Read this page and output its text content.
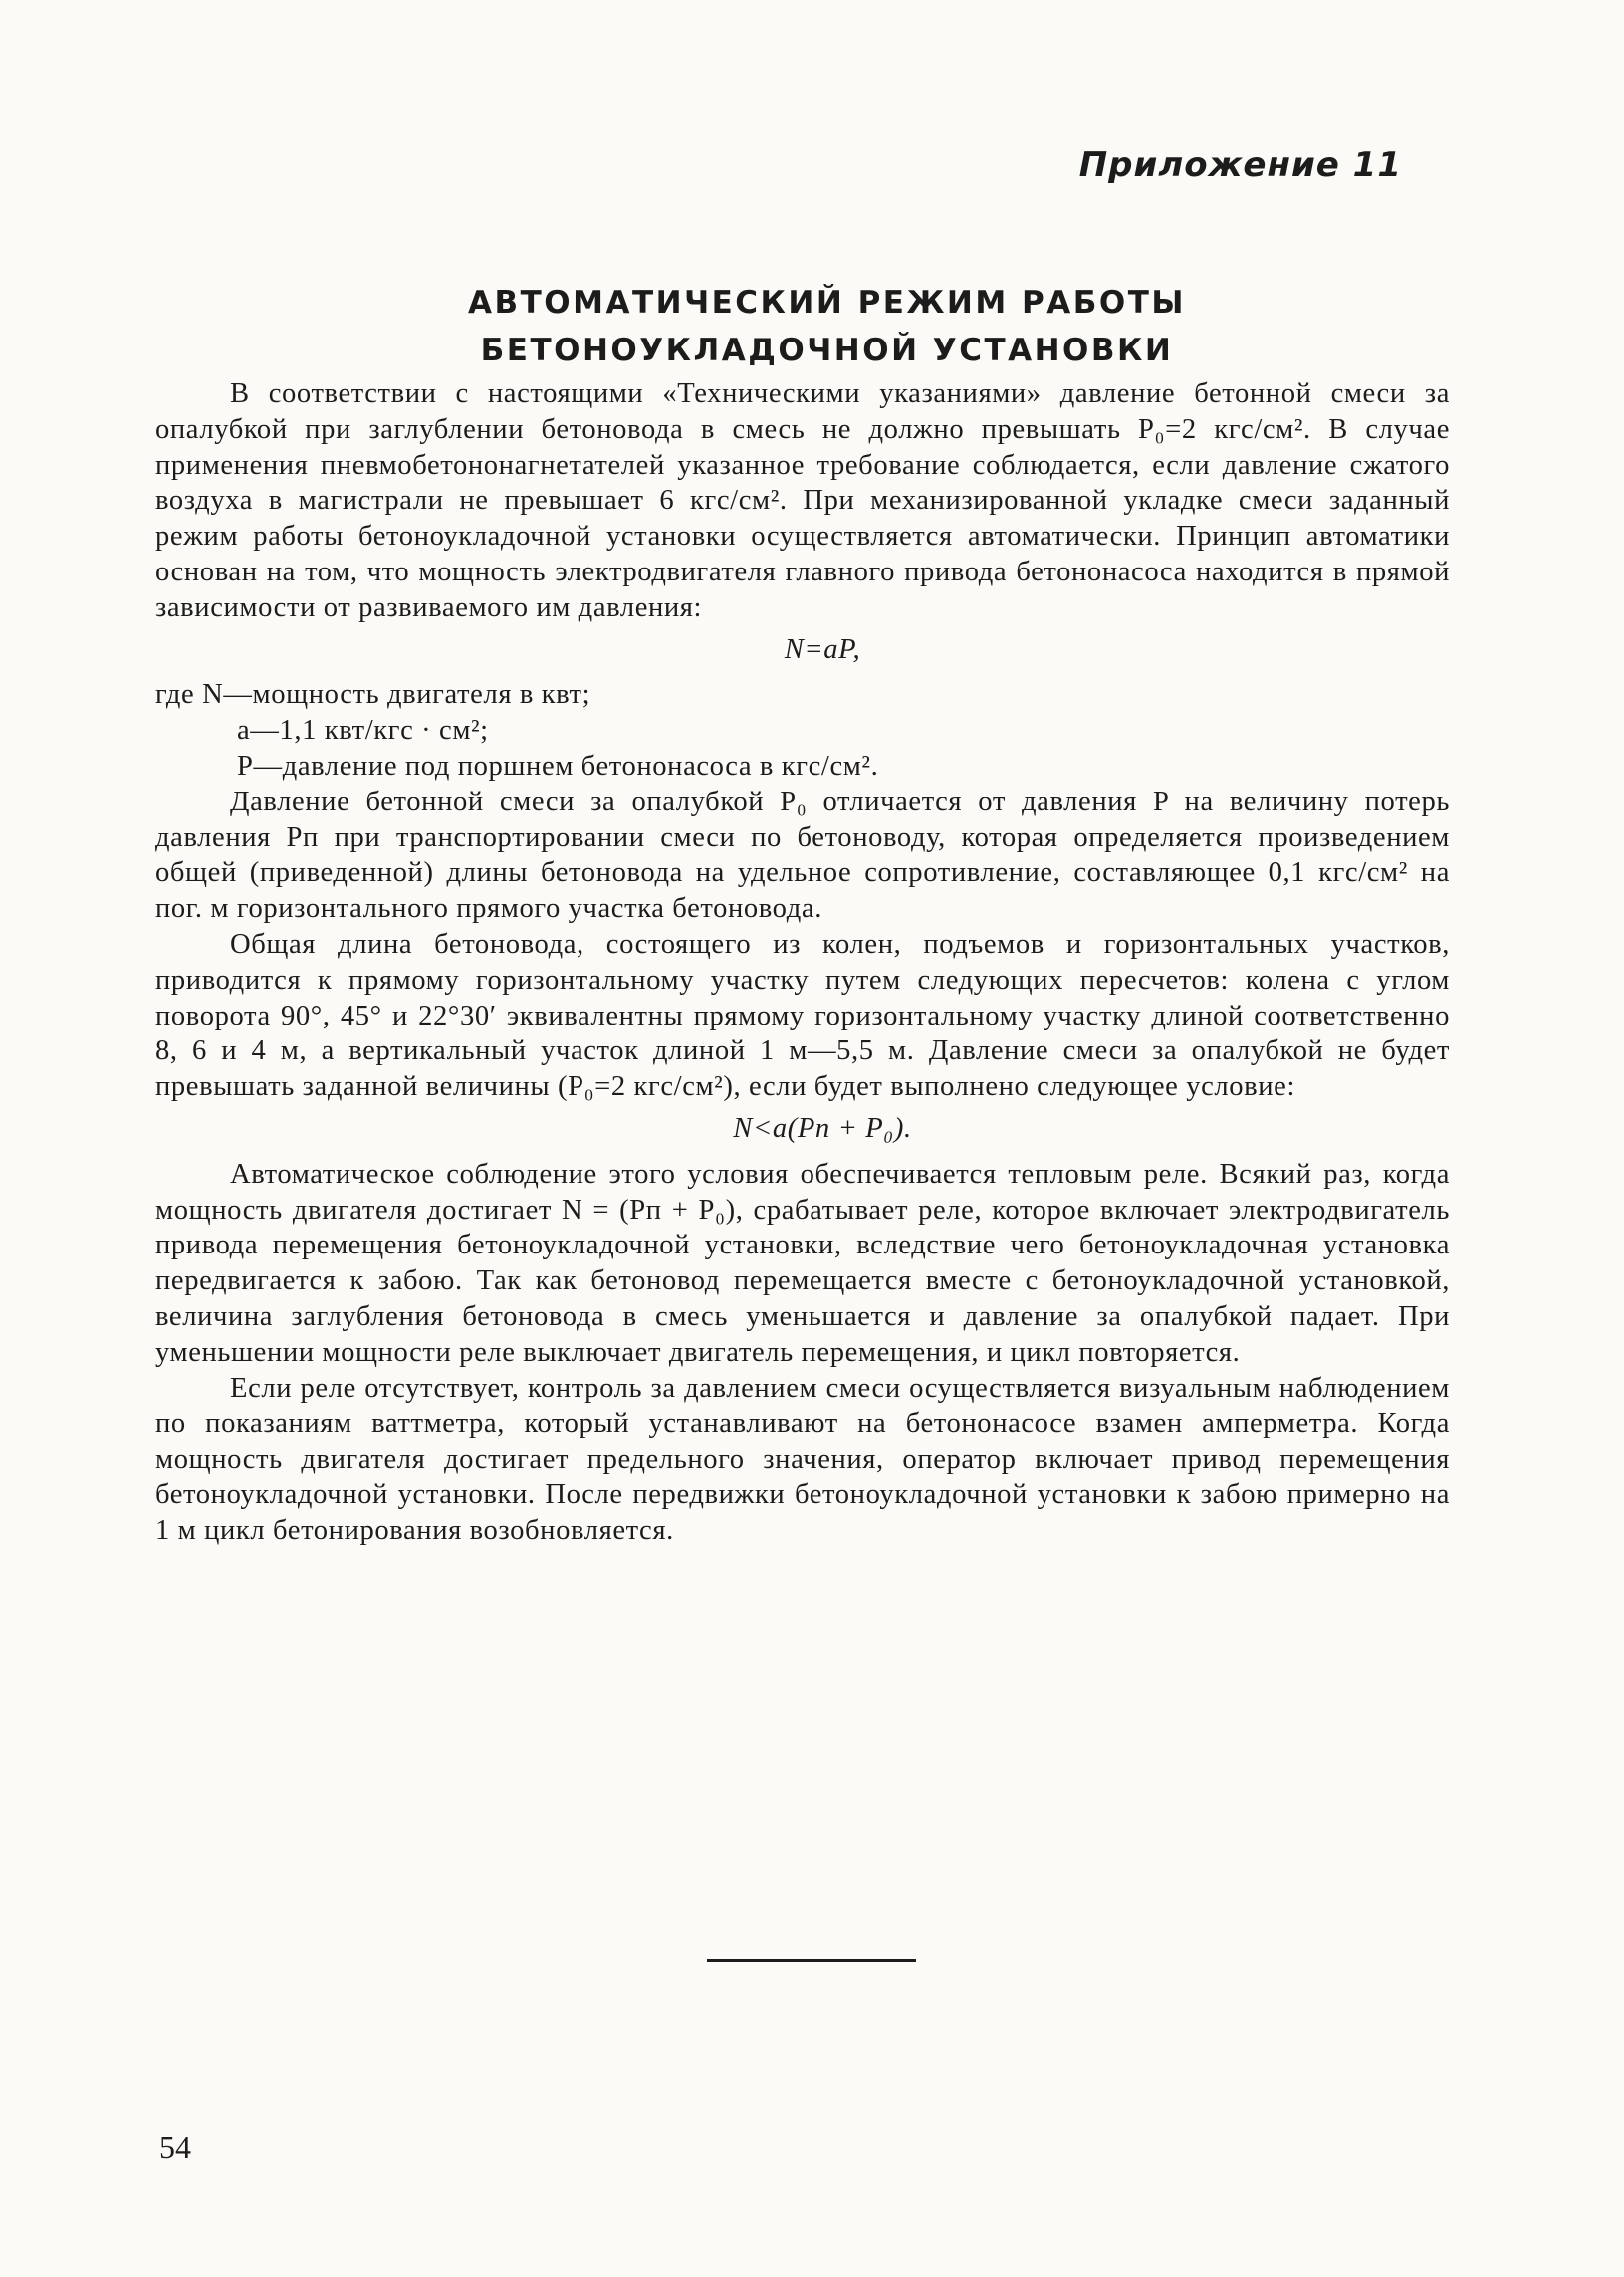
Приложение 11
АВТОМАТИЧЕСКИЙ РЕЖИМ РАБОТЫ
БЕТОНОУКЛАДОЧНОЙ УСТАНОВКИ

В соответствии с настоящими «Техническими указаниями» давление бетонной смеси за опалубкой при заглублении бетоновода в смесь не должно превышать P₀=2 кгс/см². В случае применения пневмобетононагнетателей указанное требование соблюдается, если давление сжатого воздуха в магистрали не превышает 6 кгс/см². При механизированной укладке смеси заданный режим работы бетоноукладочной установки осуществляется автоматически. Принцип автоматики основан на том, что мощность электродвигателя главного привода бетононасоса находится в прямой зависимости от развиваемого им давления:

N=aP,
где N—мощность двигателя в квт;
a—1,1 квт/кгс · см²;
P—давление под поршнем бетононасоса в кгс/см².

Давление бетонной смеси за опалубкой P₀ отличается от давления P на величину потерь давления Pп при транспортировании смеси по бетоноводу, которая определяется произведением общей (приведенной) длины бетоновода на удельное сопротивление, составляющее 0,1 кгс/см² на пог. м горизонтального прямого участка бетоновода.

Общая длина бетоновода, состоящего из колен, подъемов и горизонтальных участков, приводится к прямому горизонтальному участку путем следующих пересчетов: колена с углом поворота 90°, 45° и 22°30′ эквивалентны прямому горизонтальному участку длиной соответственно 8, 6 и 4 м, а вертикальный участок длиной 1 м—5,5 м. Давление смеси за опалубкой не будет превышать заданной величины (P₀=2 кгс/см²), если будет выполнено следующее условие:

N<a(Pп + P₀).

Автоматическое соблюдение этого условия обеспечивается тепловым реле. Всякий раз, когда мощность двигателя достигает N = (Pп + P₀), срабатывает реле, которое включает электродвигатель привода перемещения бетоноукладочной установки, вследствие чего бетоноукладочная установка передвигается к забою. Так как бетоновод перемещается вместе с бетоноукладочной установкой, величина заглубления бетоновода в смесь уменьшается и давление за опалубкой падает. При уменьшении мощности реле выключает двигатель перемещения, и цикл повторяется.

Если реле отсутствует, контроль за давлением смеси осуществляется визуальным наблюдением по показаниям ваттметра, который устанавливают на бетононасосе взамен амперметра. Когда мощность двигателя достигает предельного значения, оператор включает привод перемещения бетоноукладочной установки. После передвижки бетоноукладочной установки к забою примерно на 1 м цикл бетонирования возобновляется.

54
